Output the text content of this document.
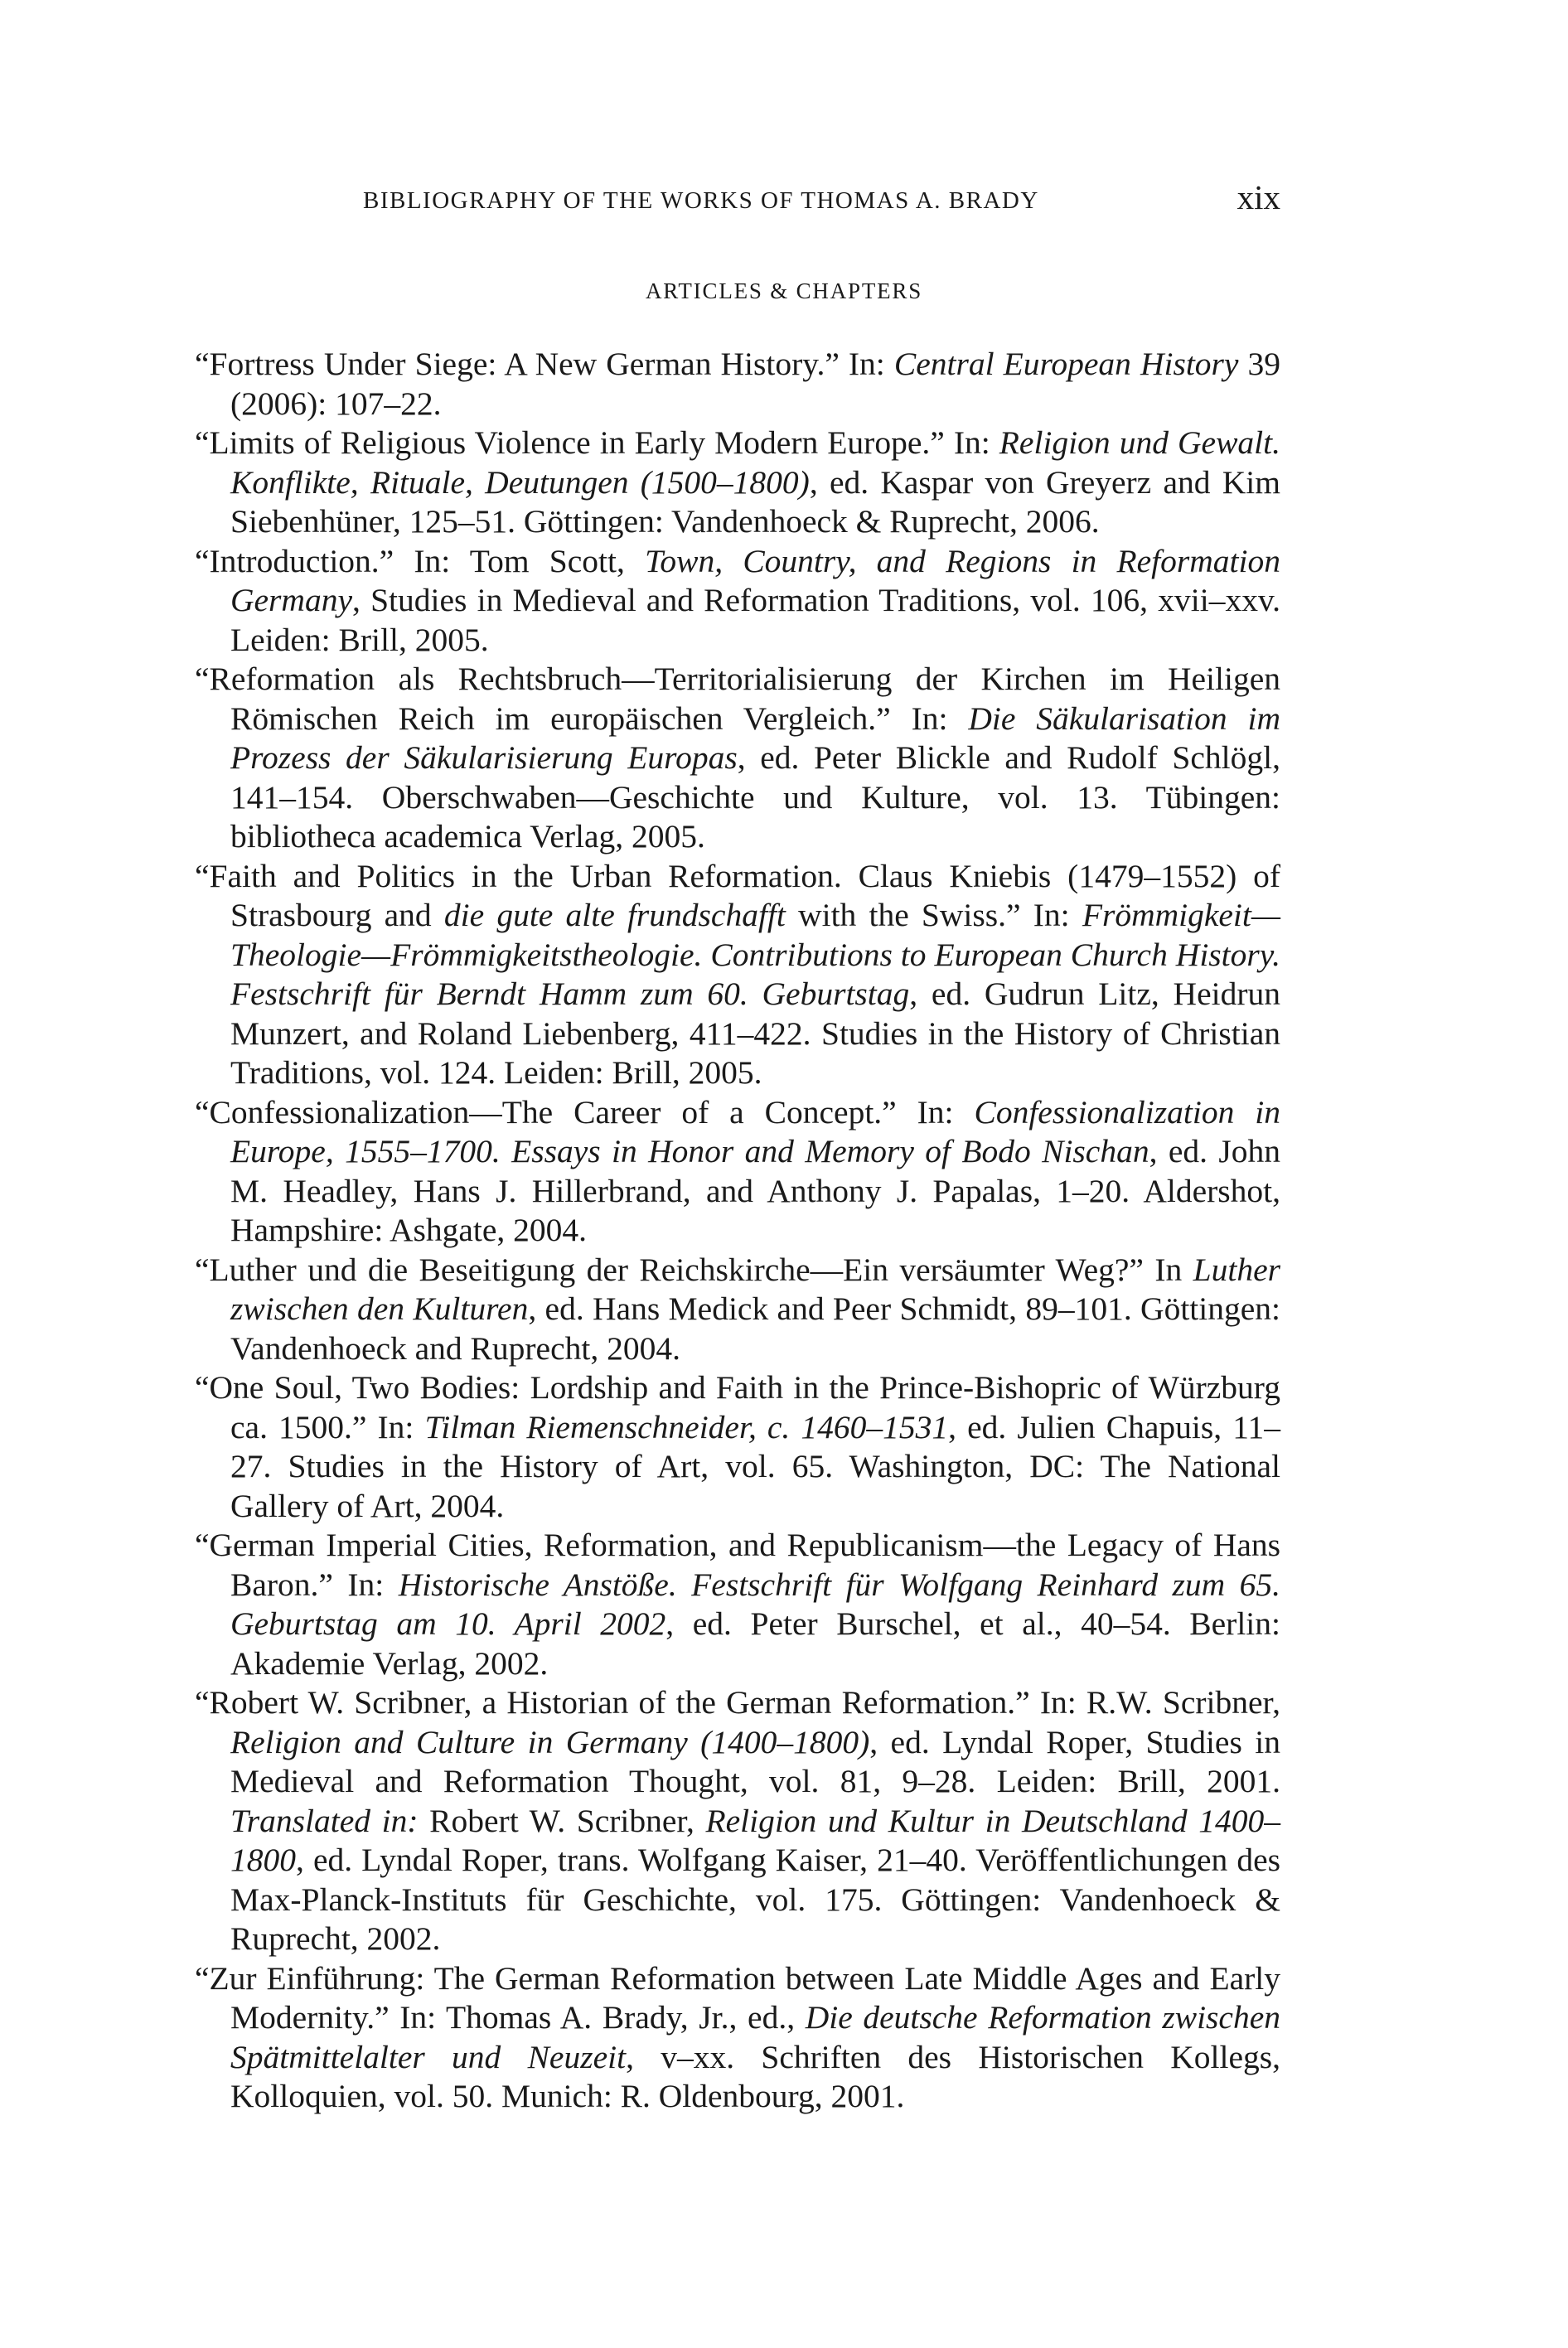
BIBLIOGRAPHY OF THE WORKS OF THOMAS A. BRADY	xix
ARTICLES & CHAPTERS

“Fortress Under Siege: A New German History.” In: Central European History 39 (2006): 107–22.

“Limits of Religious Violence in Early Modern Europe.” In: Religion und Gewalt. Konflikte, Rituale, Deutungen (1500–1800), ed. Kaspar von Greyerz and Kim Siebenhüner, 125–51. Göttingen: Vandenhoeck & Ruprecht, 2006.

“Introduction.” In: Tom Scott, Town, Country, and Regions in Reformation Germany, Studies in Medieval and Reformation Traditions, vol. 106, xvii–xxv. Leiden: Brill, 2005.

“Reformation als Rechtsbruch—Territorialisierung der Kirchen im Heiligen Römischen Reich im europäischen Vergleich.” In: Die Säkularisation im Prozess der Säkularisierung Europas, ed. Peter Blickle and Rudolf Schlögl, 141–154. Oberschwaben—Geschichte und Kulture, vol. 13. Tübingen: bibliotheca academica Verlag, 2005.

“Faith and Politics in the Urban Reformation. Claus Kniebis (1479–1552) of Strasbourg and die gute alte frundschafft with the Swiss.” In: Frömmigkeit—Theologie—Frömmigkeitstheologie. Contributions to European Church History. Festschrift für Berndt Hamm zum 60. Geburtstag, ed. Gudrun Litz, Heidrun Munzert, and Roland Liebenberg, 411–422. Studies in the History of Christian Traditions, vol. 124. Leiden: Brill, 2005.

“Confessionalization—The Career of a Concept.” In: Confessionalization in Europe, 1555–1700. Essays in Honor and Memory of Bodo Nischan, ed. John M. Headley, Hans J. Hillerbrand, and Anthony J. Papalas, 1–20. Aldershot, Hampshire: Ashgate, 2004.

“Luther und die Beseitigung der Reichskirche—Ein versäumter Weg?” In Luther zwischen den Kulturen, ed. Hans Medick and Peer Schmidt, 89–101. Göttingen: Vandenhoeck and Ruprecht, 2004.

“One Soul, Two Bodies: Lordship and Faith in the Prince-Bishopric of Würzburg ca. 1500.” In: Tilman Riemenschneider, c. 1460–1531, ed. Julien Chapuis, 11–27. Studies in the History of Art, vol. 65. Washington, DC: The National Gallery of Art, 2004.

“German Imperial Cities, Reformation, and Republicanism—the Legacy of Hans Baron.” In: Historische Anstöße. Festschrift für Wolfgang Reinhard zum 65. Geburtstag am 10. April 2002, ed. Peter Burschel, et al., 40–54. Berlin: Akademie Verlag, 2002.

“Robert W. Scribner, a Historian of the German Reformation.” In: R.W. Scribner, Religion and Culture in Germany (1400–1800), ed. Lyndal Roper, Studies in Medieval and Reformation Thought, vol. 81, 9–28. Leiden: Brill, 2001. Translated in: Robert W. Scribner, Religion und Kultur in Deutschland 1400–1800, ed. Lyndal Roper, trans. Wolfgang Kaiser, 21–40. Veröffentlichungen des Max-Planck-Instituts für Geschichte, vol. 175. Göttingen: Vandenhoeck & Ruprecht, 2002.

“Zur Einführung: The German Reformation between Late Middle Ages and Early Modernity.” In: Thomas A. Brady, Jr., ed., Die deutsche Reformation zwischen Spätmittelalter und Neuzeit, v–xx. Schriften des Historischen Kollegs, Kolloquien, vol. 50. Munich: R. Oldenbourg, 2001.
